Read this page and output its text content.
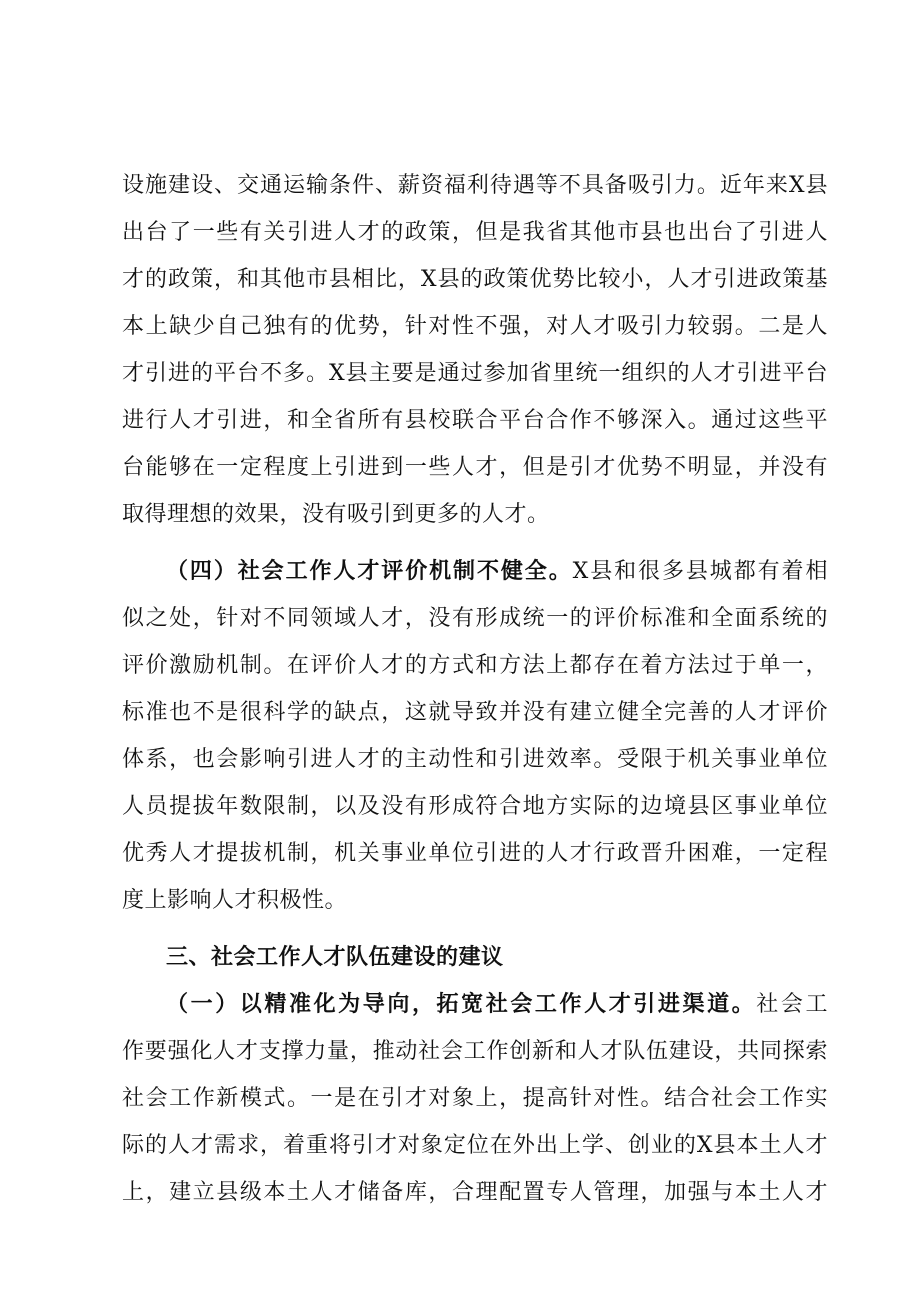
设施建设、交通运输条件、薪资福利待遇等不具备吸引力。近年来X县
出台了一些有关引进人才的政策，但是我省其他市县也出台了引进人
才的政策，和其他市县相比，X县的政策优势比较小，人才引进政策基
本上缺少自己独有的优势，针对性不强，对人才吸引力较弱。二是人
才引进的平台不多。X县主要是通过参加省里统一组织的人才引进平台
进行人才引进，和全省所有县校联合平台合作不够深入。通过这些平
台能够在一定程度上引进到一些人才，但是引才优势不明显，并没有
取得理想的效果，没有吸引到更多的人才。
（四）社会工作人才评价机制不健全。X县和很多县城都有着相
似之处，针对不同领域人才，没有形成统一的评价标准和全面系统的
评价激励机制。在评价人才的方式和方法上都存在着方法过于单一，
标准也不是很科学的缺点，这就导致并没有建立健全完善的人才评价
体系，也会影响引进人才的主动性和引进效率。受限于机关事业单位
人员提拔年数限制，以及没有形成符合地方实际的边境县区事业单位
优秀人才提拔机制，机关事业单位引进的人才行政晋升困难，一定程
度上影响人才积极性。
三、社会工作人才队伍建设的建议
（一）以精准化为导向，拓宽社会工作人才引进渠道。社会工
作要强化人才支撑力量，推动社会工作创新和人才队伍建设，共同探索
社会工作新模式。一是在引才对象上，提高针对性。结合社会工作实
际的人才需求，着重将引才对象定位在外出上学、创业的X县本土人才
上，建立县级本土人才储备库，合理配置专人管理，加强与本土人才
